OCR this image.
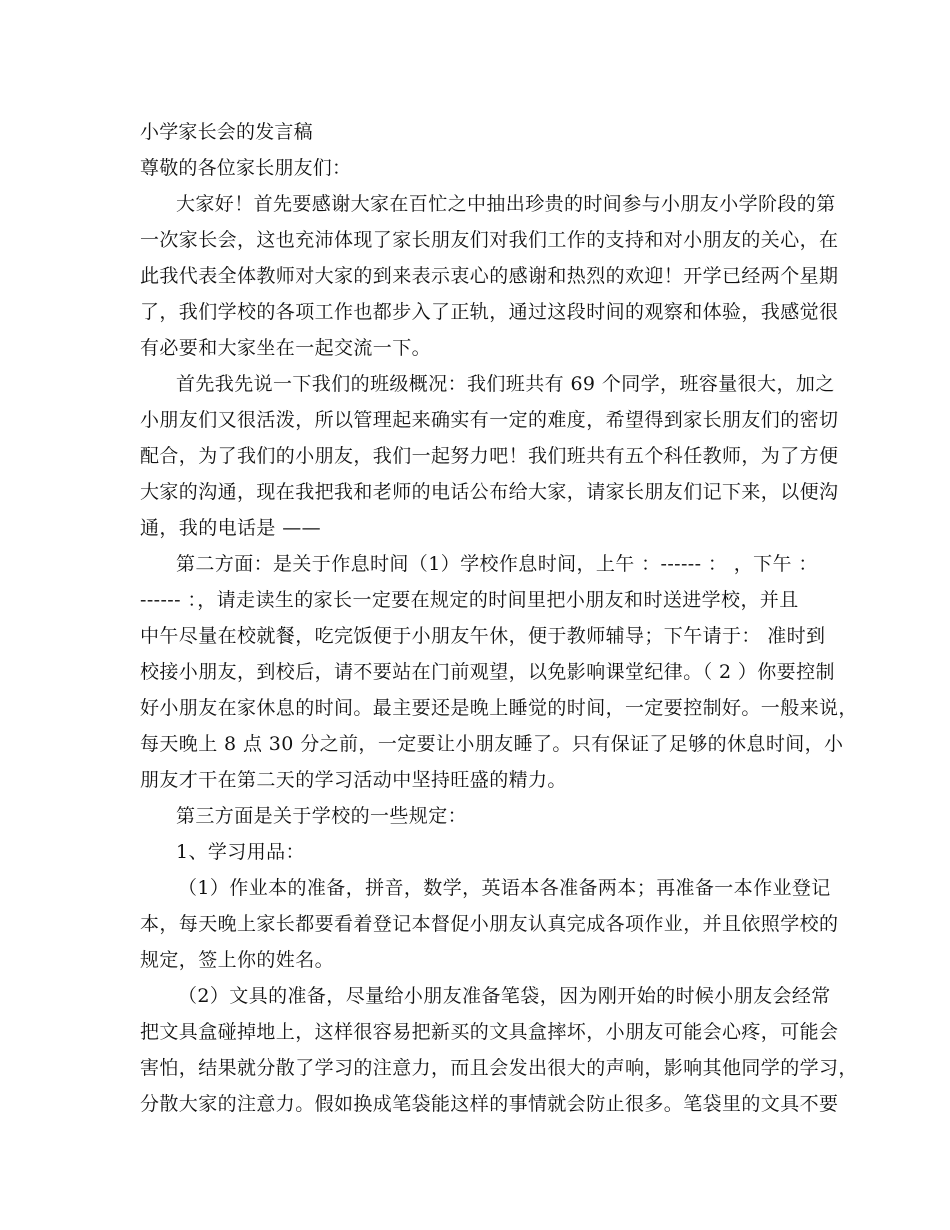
小学家长会的发言稿
尊敬的各位家长朋友们：
大家好！首先要感谢大家在百忙之中抽出珍贵的时间参与小朋友小学阶段的第
一次家长会，这也充沛体现了家长朋友们对我们工作的支持和对小朋友的关心，在
此我代表全体教师对大家的到来表示衷心的感谢和热烈的欢迎！开学已经两个星期
了，我们学校的各项工作也都步入了正轨，通过这段时间的观察和体验，我感觉很
有必要和大家坐在一起交流一下。
首先我先说一下我们的班级概况：我们班共有 69 个同学，班容量很大，加之
小朋友们又很活泼，所以管理起来确实有一定的难度，希望得到家长朋友们的密切
配合，为了我们的小朋友，我们一起努力吧！我们班共有五个科任教师，为了方便
大家的沟通，现在我把我和老师的电话公布给大家，请家长朋友们记下来，以便沟
通，我的电话是 ——
第二方面：是关于作息时间（1）学校作息时间，上午 ：------ ： ，下午 ：
------ ：，请走读生的家长一定要在规定的时间里把小朋友和时送进学校，并且
中午尽量在校就餐，吃完饭便于小朋友午休，便于教师辅导；下午请于： 准时到
校接小朋友，到校后，请不要站在门前观望，以免影响课堂纪律。（ 2 ）你要控制
好小朋友在家休息的时间。最主要还是晚上睡觉的时间，一定要控制好。一般来说，
每天晚上 8 点 30 分之前，一定要让小朋友睡了。只有保证了足够的休息时间，小
朋友才干在第二天的学习活动中坚持旺盛的精力。
第三方面是关于学校的一些规定：
1、学习用品：
（1）作业本的准备，拼音，数学，英语本各准备两本；再准备一本作业登记
本，每天晚上家长都要看着登记本督促小朋友认真完成各项作业，并且依照学校的
规定，签上你的姓名。
（2）文具的准备，尽量给小朋友准备笔袋，因为刚开始的时候小朋友会经常
把文具盒碰掉地上，这样很容易把新买的文具盒摔坏，小朋友可能会心疼，可能会
害怕，结果就分散了学习的注意力，而且会发出很大的声响，影响其他同学的学习，
分散大家的注意力。假如换成笔袋能这样的事情就会防止很多。笔袋里的文具不要
